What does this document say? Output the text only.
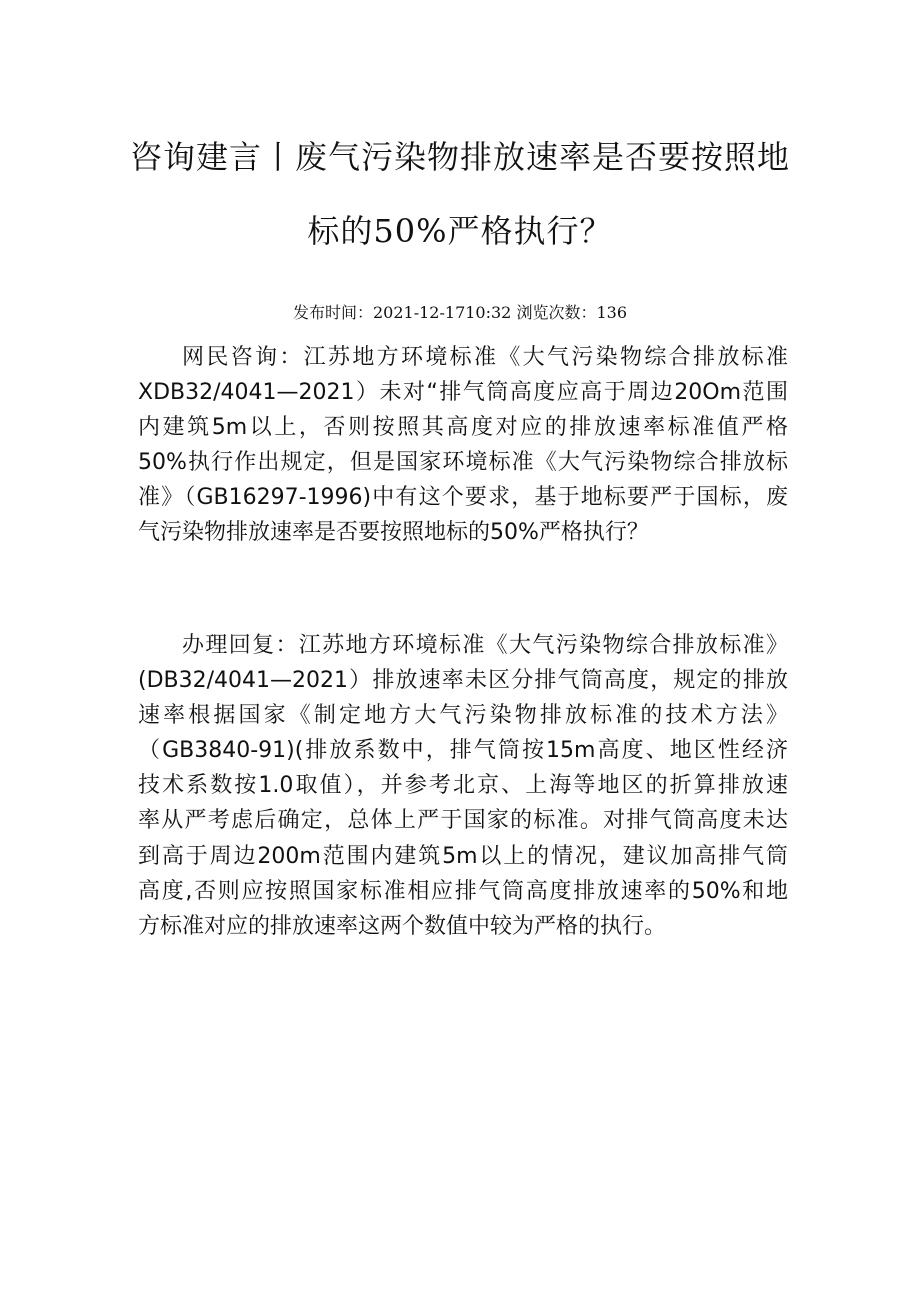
咨询建言丨废气污染物排放速率是否要按照地
标的50%严格执行？
发布时间：2021-12-1710:32 浏览次数：136
网民咨询：江苏地方环境标准《大气污染物综合排放标准
XDB32/4041—2021）未对“排气筒高度应高于周边20Om范围
内建筑5m以上，否则按照其高度对应的排放速率标准值严格
50%执行作出规定，但是国家环境标准《大气污染物综合排放标
准》（GB16297-1996)中有这个要求，基于地标要严于国标，废
气污染物排放速率是否要按照地标的50%严格执行？
办理回复：江苏地方环境标准《大气污染物综合排放标准》
(DB32/4041—2021）排放速率未区分排气筒高度，规定的排放
速率根据国家《制定地方大气污染物排放标准的技术方法》
（GB3840-91)(排放系数中，排气筒按15m高度、地区性经济
技术系数按1.0取值），并参考北京、上海等地区的折算排放速
率从严考虑后确定，总体上严于国家的标准。对排气筒高度未达
到高于周边200m范围内建筑5m以上的情况，建议加高排气筒
高度,否则应按照国家标准相应排气筒高度排放速率的50%和地
方标准对应的排放速率这两个数值中较为严格的执行。
